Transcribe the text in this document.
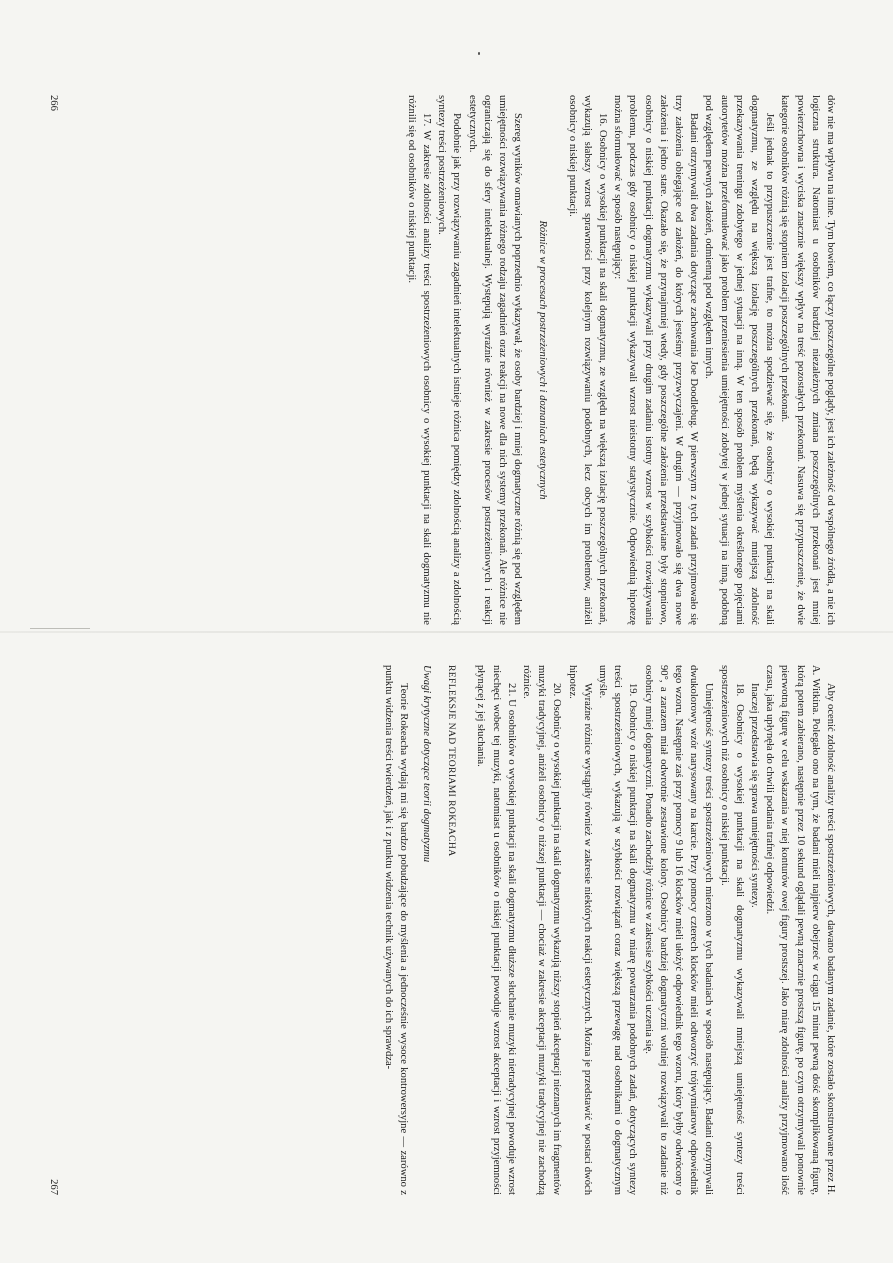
dów nie ma wpływu na inne. Tym bowiem, co łączy poszczególne poglądy, jest ich zależność od wspólnego źródła, a nie ich logiczna struktura. Natomiast u osobników bardziej niezależnych zmiana poszczególnych przekonań jest mniej powierzchowna i wyciska znacznie większy wpływ na treść pozostałych przekonań. Nasuwa się przypuszczenie, że dwie kategorie osobników różnią się stopniem izolacji poszczególnych przekonań.

Jeśli jednak to przypuszczenie jest trafne, to można spodziewać się, że osobnicy o wysokiej punktacji na skali dogmatyzmu, ze względu na większą izolację poszczególnych przekonań, będą wykazywać mniejszą zdolność przekazywania treningu zdobytego w jednej sytuacji na inną. W ten sposób problem myślenia określonego pojęciami autorytetów można przeformułować jako problem przeniesienia umiejętności zdobytej w jednej sytuacji na inną, podobną pod względem pewnych założeń, odmienną pod względem innych.

Badani otrzymywali dwa zadania dotyczące zachowania Joe Doodlebug. W pierwszym z tych zadań przyjmowało się trzy założenia obiegające od założeń, do których jesteśmy przyzwyczajeni. W drugim — przyjmowało się dwa nowe założenia i jedno stare. Okazało się, że przynajmniej wtedy, gdy poszczególne założenia przedstawiane były stopniowo, osobnicy o niskiej punktacji dogmatyzmu wykazywali przy drugim zadaniu istotny wzrost w szybkości rozwiązywania problemu, podczas gdy osobnicy o niskiej punktacji wykazywali wzrost nieistotny statystycznie. Odpowiednią hipotezę można sformułować w sposób następujący:

16. Osobnicy o wysokiej punktacji na skali dogmatyzmu, ze względu na większą izolację poszczególnych przekonań, wykazują słabszy wzrost sprawności przy kolejnym rozwiązywaniu podobnych, lecz obcych im problemów, aniżeli osobnicy o niskiej punktacji.

Różnice w procesach postrzeżeniowych i doznaniach estetycznych

Szereg wyników omawianych poprzednio wykazywał, że osoby bardziej i mniej dogmatyczne różnią się pod względem umiejętności rozwiązywania różnego rodzaju zagadnień oraz reakcji na nowe dla nich systemy przekonań. Ale różnice nie ograniczają się do sfery intelektualnej. Występują wyraźnie również w zakresie procesów postrzeżeniowych i reakcji estetycznych.

Podobnie jak przy rozwiązywaniu zagadnień intelektualnych istnieje różnica pomiędzy zdolnością analizy a zdolnością syntezy treści postrzeżeniowych.

17. W zakresie zdolności analizy treści spostrzeżeniowych osobnicy o wysokiej punktacji na skali dogmatyzmu nie różnili się od osobników o niskiej punktacji.

266

Aby ocenić zdolność analizy treści spostrzeżeniowych, dawano badanym zadanie, które zostało skonstruowane przez H. A. Witkina. Polegało ono na tym, że badani mieli najpierw obejrzeć w ciągu 15 minut pewną dość skomplikowaną figurę, którą potem zabierano, następnie przez 10 sekund oglądali pewną znacznie prostszą figurę, po czym otrzymywali ponownie pierwotną figurę w celu wskazania w niej konturów owej figury prostszej. Jako miarę zdolności analizy przyjmowano ilość czasu, jaka upłynęła do chwili podania trafnej odpowiedzi.

Inaczej przedstawia się sprawa umiejętności syntezy.

18. Osobnicy o wysokiej punktacji na skali dogmatyzmu wykazywali mniejszą umiejętność syntezy treści spostrzeżeniowych niż osobnicy o niskiej punktacji.

Umiejętność syntezy treści spostrzeżeniowych mierzono w tych badaniach w sposób następujący. Badani otrzymywali dwukolorowy wzór narysowany na karcie. Przy pomocy czterech klocków mieli odtworzyć trójwymiarowy odpowiednik tego wzoru. Następnie zaś przy pomocy 9 lub 16 klocków mieli ułożyć odpowiednik tego wzoru, który byłby odwrócony o 90°, a zarazem miał odwrotnie zestawione kolory. Osobnicy bardziej dogmatyczni wolniej rozwiązywali to zadanie niż osobnicy mniej dogmatyczni. Ponadto zachodziły różnice w zakresie szybkości uczenia się.

19. Osobnicy o niskiej punktacji na skali dogmatyzmu w miarę powtarzania podobnych zadań, dotyczących syntezy treści spostrzeżeniowych, wykazują w szybkości rozwiązań coraz większą przewagę nad osobnikami o dogmatycznym umyśle.

Wyraźne różnice wystąpiły również w zakresie niektórych reakcji estetycznych. Można je przedstawić w postaci dwóch hipotez.

20. Osobnicy o wysokiej punktacji na skali dogmatyzmu wykazują niższy stopień akceptacji nieznanych im fragmentów muzyki tradycyjnej, aniżeli osobnicy o niższej punktacji — chociaż w zakresie akceptacji muzyki tradycyjnej nie zachodzą różnice.

21. U osobników o wysokiej punktacji na skali dogmatyzmu dłuższe słuchanie muzyki nietradycyjnej powoduje wzrost niechęci wobec tej muzyki, natomiast u osobników o niskiej punktacji powoduje wzrost akceptacji i wzrost przyjemności płynącej z jej słuchania.

REFLEKSJE NAD TEORIAMI ROKEACHA
Uwagi krytyczne dotyczące teorii dogmatyzmu

Teorie Rokeacha wydają mi się bardzo pobudzające do myślenia a jednocześnie wysoce kontrowersyjne — zarówno z punktu widzenia treści twierdzeń, jak i z punktu widzenia technik używanych do ich sprawdza-

267
